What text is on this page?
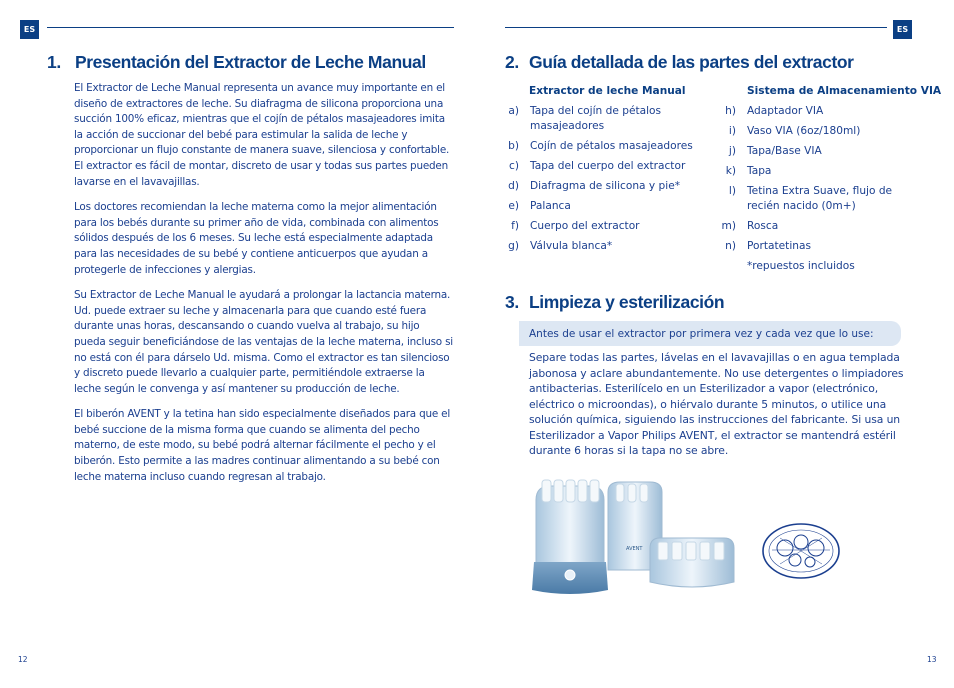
ES
1. Presentación del Extractor de Leche Manual

El Extractor de Leche Manual representa un avance muy importante en el diseño de extractores de leche. Su diafragma de silicona proporciona una succión 100% eficaz, mientras que el cojín de pétalos masajeadores imita la acción de succionar del bebé para estimular la salida de leche y proporcionar un flujo constante de manera suave, silenciosa y confortable. El extractor es fácil de montar, discreto de usar y todas sus partes pueden lavarse en el lavavajillas.

Los doctores recomiendan la leche materna como la mejor alimentación para los bebés durante su primer año de vida, combinada con alimentos sólidos después de los 6 meses. Su leche está especialmente adaptada para las necesidades de su bebé y contiene anticuerpos que ayudan a protegerle de infecciones y alergias.

Su Extractor de Leche Manual le ayudará a prolongar la lactancia materna. Ud. puede extraer su leche y almacenarla para que cuando esté fuera durante unas horas, descansando o cuando vuelva al trabajo, su hijo pueda seguir beneficiándose de las ventajas de la leche materna, incluso si no está con él para dárselo Ud. misma. Como el extractor es tan silencioso y discreto puede llevarlo a cualquier parte, permitiéndole extraerse la leche según le convenga y así mantener su producción de leche.

El biberón AVENT y la tetina han sido especialmente diseñados para que el bebé succione de la misma forma que cuando se alimenta del pecho materno, de este modo, su bebé podrá alternar fácilmente el pecho y el biberón. Esto permite a las madres continuar alimentando a su bebé con leche materna incluso cuando regresan al trabajo.

12
ES
2. Guía detallada de las partes del extractor
Extractor de leche Manual
a) Tapa del cojín de pétalos masajeadores
b) Cojín de pétalos masajeadores
c) Tapa del cuerpo del extractor
d) Diafragma de silicona y pie*
e) Palanca
f) Cuerpo del extractor
g) Válvula blanca*
Sistema de Almacenamiento VIA
h) Adaptador VIA
i) Vaso VIA (6oz/180ml)
j) Tapa/Base VIA
k) Tapa
l) Tetina Extra Suave, flujo de recién nacido (0m+)
m) Rosca
n) Portatetinas
*repuestos incluidos
3. Limpieza y esterilización
Antes de usar el extractor por primera vez y cada vez que lo use:

Separe todas las partes, lávelas en el lavavajillas o en agua templada jabonosa y aclare abundantemente. No use detergentes o limpiadores antibacterias. Esterilícelo en un Esterilizador a vapor (electrónico, eléctrico o microondas), o hiérvalo durante 5 minutos, o utilice una solución química, siguiendo las instrucciones del fabricante. Si usa un Esterilizador a Vapor Philips AVENT, el extractor se mantendrá estéril durante 6 horas si la tapa no se abre.

AVENT
13
